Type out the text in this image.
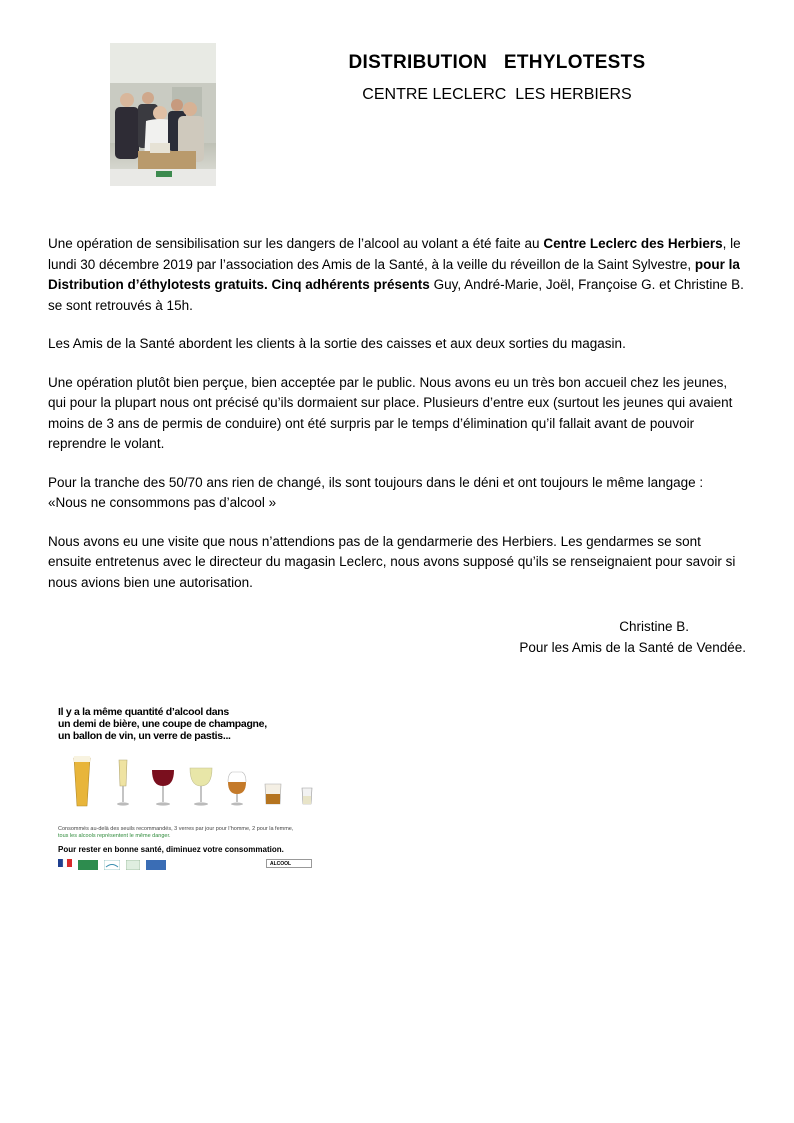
DISTRIBUTION   ETHYLOTESTS
CENTRE LECLERC  LES HERBIERS

Une opération de sensibilisation sur les dangers de l’alcool au volant a été faite au Centre Leclerc des Herbiers, le lundi 30 décembre 2019 par l’association des Amis de la Santé, à la veille du réveillon de la Saint Sylvestre, pour la Distribution d’éthylotests gratuits. Cinq adhérents présents Guy, André-Marie, Joël, Françoise G. et Christine B. se sont retrouvés à 15h.

Les Amis de la Santé abordent les clients à la sortie des caisses et aux deux sorties du magasin.

Une opération plutôt bien perçue, bien acceptée par le public. Nous avons eu un très bon accueil chez les jeunes, qui pour la plupart nous ont précisé qu’ils dormaient sur place. Plusieurs d’entre eux (surtout les jeunes qui avaient moins de 3 ans de permis de conduire) ont été surpris par le temps d’élimination qu’il fallait avant de pouvoir reprendre le volant.

Pour la tranche des 50/70 ans rien de changé, ils sont toujours dans le déni et ont toujours le même langage :
«Nous ne consommons pas d’alcool »

Nous avons eu une visite que nous n’attendions pas de la gendarmerie des Herbiers. Les gendarmes se sont ensuite entretenus avec le directeur du magasin Leclerc, nous avons supposé qu’ils se renseignaient pour savoir si nous avions bien une autorisation.

Christine B.
Pour les Amis de la Santé de Vendée.
Il y a la même quantité d’alcool dans
un demi de bière, une coupe de champagne,
un ballon de vin, un verre de pastis...
Consommés au-delà des seuils recommandés, 3 verres par jour pour l’homme, 2 pour la femme,
tous les alcools représentent le même danger.
Pour rester en bonne santé, diminuez votre consommation.
ALCOOL
